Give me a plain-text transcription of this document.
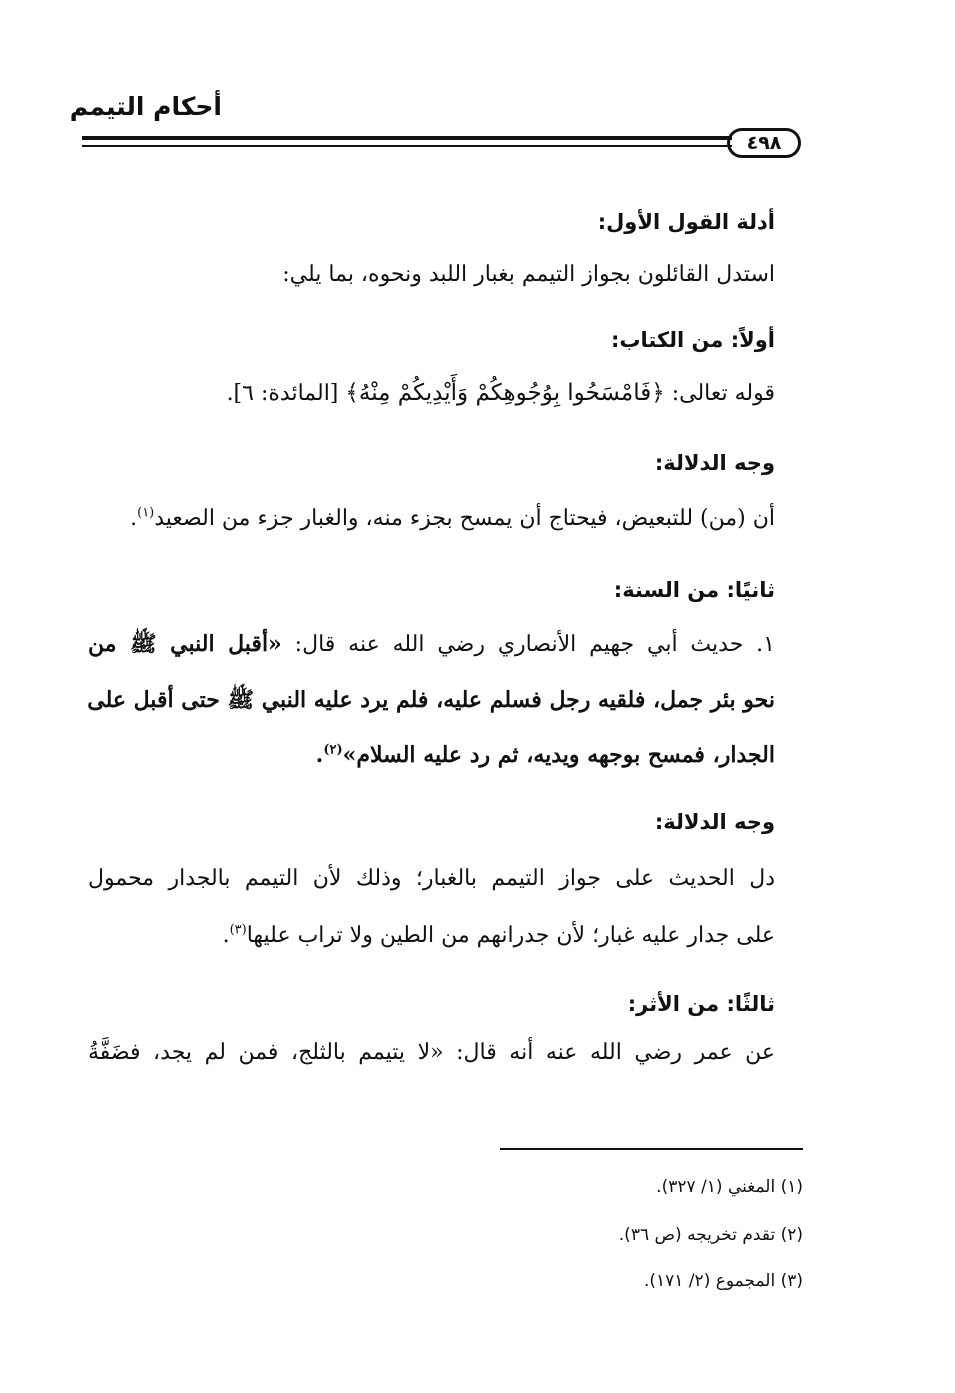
أحكام التيمم
٤٩٨
أدلة القول الأول:
استدل القائلون بجواز التيمم بغبار اللبد ونحوه، بما يلي:
أولاً: من الكتاب:
قوله تعالى: ﴿فَامْسَحُوا بِوُجُوهِكُمْ وَأَيْدِيكُمْ مِنْهُ﴾ [المائدة: ٦].
وجه الدلالة:
أن (من) للتبعيض، فيحتاج أن يمسح بجزء منه، والغبار جزء من الصعيد$^{(١)}$.
ثانيًا: من السنة:
١. حديث أبي جهيم الأنصاري رضي الله عنه قال: «أقبل النبي ﷺ من
نحو بئر جمل، فلقيه رجل فسلم عليه، فلم يرد عليه النبي ﷺ حتى أقبل على
الجدار، فمسح بوجهه ويديه، ثم رد عليه السلام»$^{(٢)}$.
وجه الدلالة:
دل الحديث على جواز التيمم بالغبار؛ وذلك لأن التيمم بالجدار محمول
على جدار عليه غبار؛ لأن جدرانهم من الطين ولا تراب عليها$^{(٣)}$.
ثالثًا: من الأثر:
عن عمر رضي الله عنه أنه قال: «لا يتيمم بالثلج، فمن لم يجد، فضَفَّةُ
(١) المغني (١/ ٣٢٧).
(٢) تقدم تخريجه (ص ٣٦).
(٣) المجموع (٢/ ١٧١).
